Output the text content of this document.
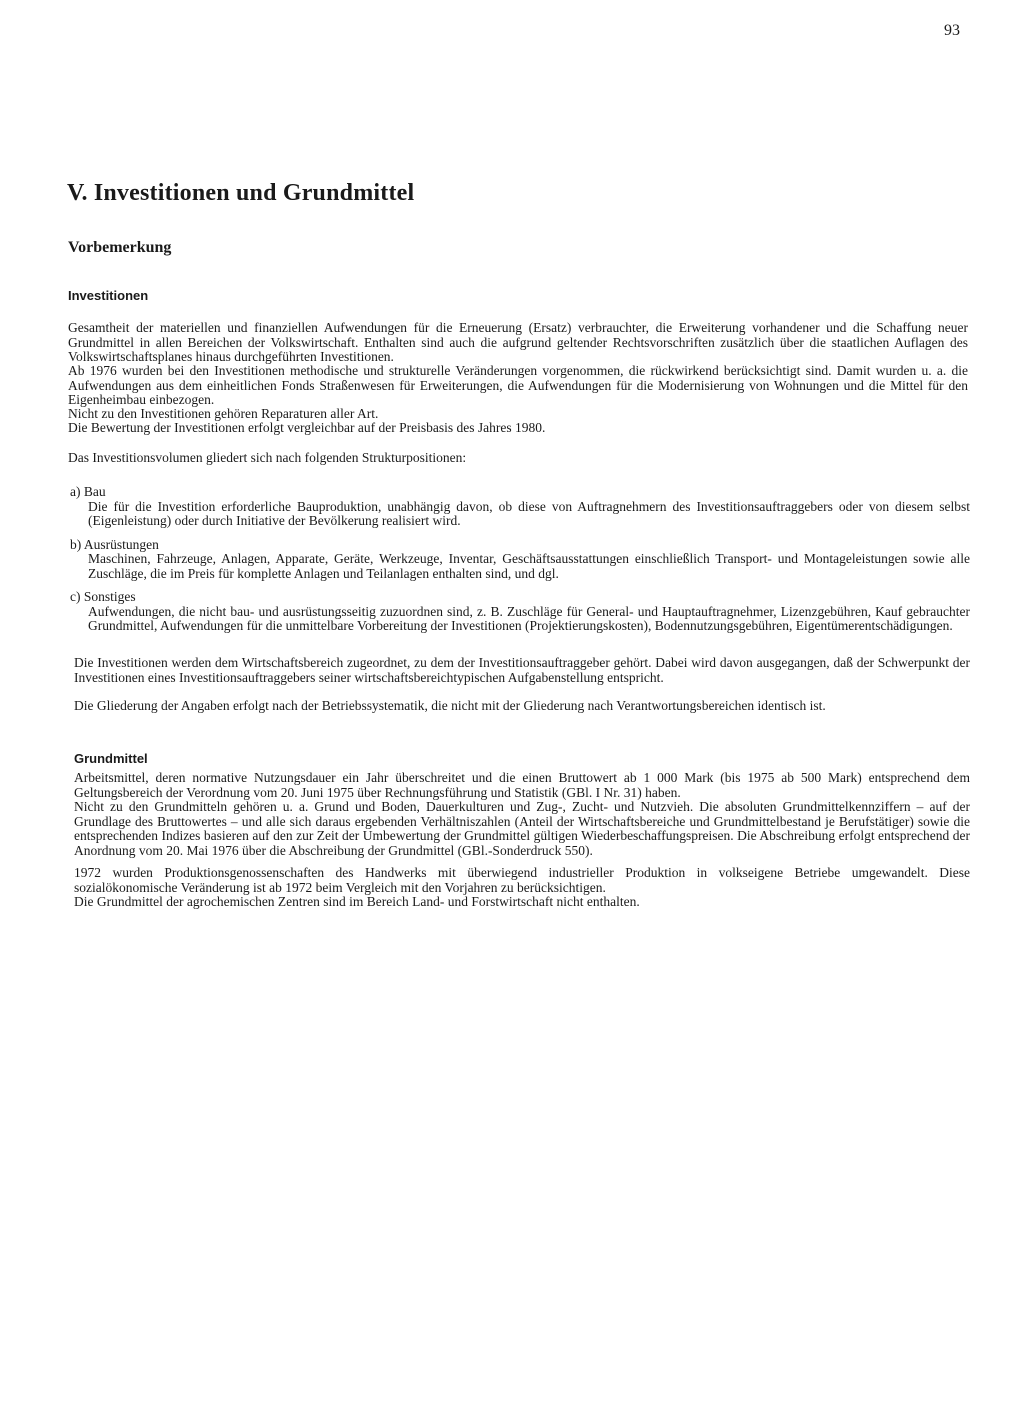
93
V. Investitionen und Grundmittel
Vorbemerkung
Investitionen

Gesamtheit der materiellen und finanziellen Aufwendungen für die Erneuerung (Ersatz) verbrauchter, die Erweiterung vorhandener und die Schaffung neuer Grundmittel in allen Bereichen der Volkswirtschaft. Enthalten sind auch die aufgrund geltender Rechtsvorschriften zusätzlich über die staatlichen Auflagen des Volkswirtschaftsplanes hinaus durchgeführten Investitionen.

Ab 1976 wurden bei den Investitionen methodische und strukturelle Veränderungen vorgenommen, die rückwirkend berücksichtigt sind. Damit wurden u. a. die Aufwendungen aus dem einheitlichen Fonds Straßenwesen für Erweiterungen, die Aufwendungen für die Modernisierung von Wohnungen und die Mittel für den Eigenheimbau einbezogen.

Nicht zu den Investitionen gehören Reparaturen aller Art.

Die Bewertung der Investitionen erfolgt vergleichbar auf der Preisbasis des Jahres 1980.

Das Investitionsvolumen gliedert sich nach folgenden Strukturpositionen:

a) Bau

Die für die Investition erforderliche Bauproduktion, unabhängig davon, ob diese von Auftragnehmern des Investitionsauftraggebers oder von diesem selbst (Eigenleistung) oder durch Initiative der Bevölkerung realisiert wird.

b) Ausrüstungen

Maschinen, Fahrzeuge, Anlagen, Apparate, Geräte, Werkzeuge, Inventar, Geschäftsausstattungen einschließlich Transport- und Montageleistungen sowie alle Zuschläge, die im Preis für komplette Anlagen und Teilanlagen enthalten sind, und dgl.

c) Sonstiges

Aufwendungen, die nicht bau- und ausrüstungsseitig zuzuordnen sind, z. B. Zuschläge für General- und Hauptauftragnehmer, Lizenzgebühren, Kauf gebrauchter Grundmittel, Aufwendungen für die unmittelbare Vorbereitung der Investitionen (Projektierungskosten), Bodennutzungsgebühren, Eigentümerentschädigungen.

Die Investitionen werden dem Wirtschaftsbereich zugeordnet, zu dem der Investitionsauftraggeber gehört. Dabei wird davon ausgegangen, daß der Schwerpunkt der Investitionen eines Investitionsauftraggebers seiner wirtschaftsbereichtypischen Aufgabenstellung entspricht.

Die Gliederung der Angaben erfolgt nach der Betriebssystematik, die nicht mit der Gliederung nach Verantwortungsbereichen identisch ist.

Grundmittel

Arbeitsmittel, deren normative Nutzungsdauer ein Jahr überschreitet und die einen Bruttowert ab 1 000 Mark (bis 1975 ab 500 Mark) entsprechend dem Geltungsbereich der Verordnung vom 20. Juni 1975 über Rechnungsführung und Statistik (GBl. I Nr. 31) haben.

Nicht zu den Grundmitteln gehören u. a. Grund und Boden, Dauerkulturen und Zug-, Zucht- und Nutzvieh. Die absoluten Grundmittelkennziffern – auf der Grundlage des Bruttowertes – und alle sich daraus ergebenden Verhältniszahlen (Anteil der Wirtschaftsbereiche und Grundmittelbestand je Berufstätiger) sowie die entsprechenden Indizes basieren auf den zur Zeit der Umbewertung der Grundmittel gültigen Wiederbeschaffungspreisen. Die Abschreibung erfolgt entsprechend der Anordnung vom 20. Mai 1976 über die Abschreibung der Grundmittel (GBl.-Sonderdruck 550).

1972 wurden Produktionsgenossenschaften des Handwerks mit überwiegend industrieller Produktion in volkseigene Betriebe umgewandelt. Diese sozialökonomische Veränderung ist ab 1972 beim Vergleich mit den Vorjahren zu berücksichtigen.

Die Grundmittel der agrochemischen Zentren sind im Bereich Land- und Forstwirtschaft nicht enthalten.
